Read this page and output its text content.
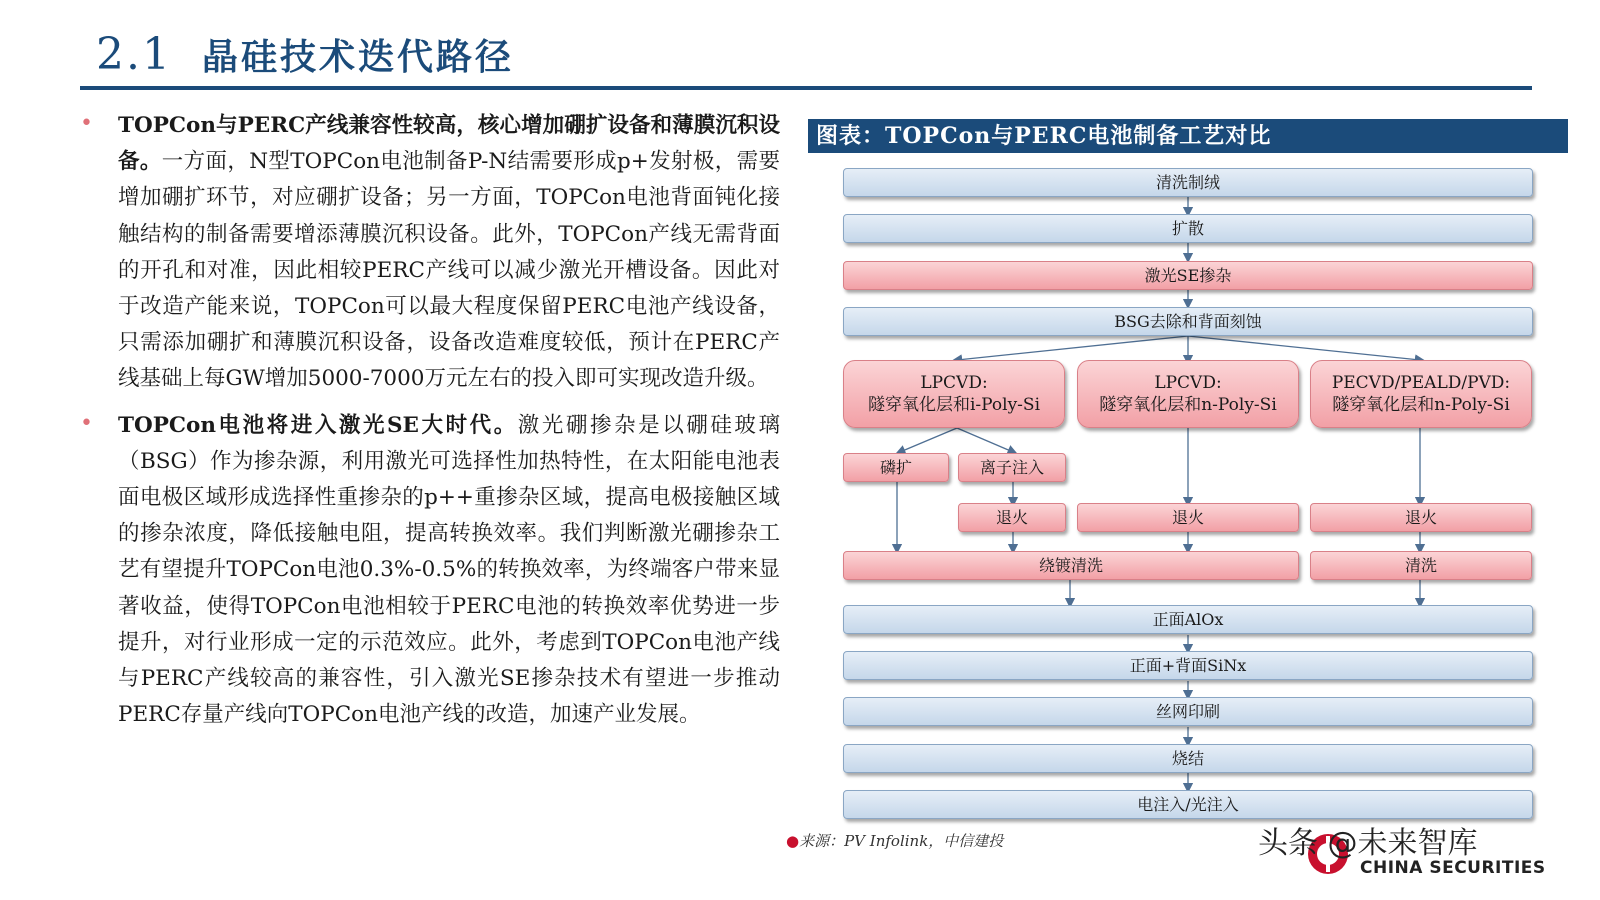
2.1 晶硅技术迭代路径
• TOPCon与PERC产线兼容性较高，核心增加硼扩设备和薄膜沉积设备。一方面，N型TOPCon电池制备P-N结需要形成p+发射极，需要增加硼扩环节，对应硼扩设备；另一方面，TOPCon电池背面钝化接触结构的制备需要增添薄膜沉积设备。此外，TOPCon产线无需背面的开孔和对准，因此相较PERC产线可以减少激光开槽设备。因此对于改造产能来说，TOPCon可以最大程度保留PERC电池产线设备，只需添加硼扩和薄膜沉积设备，设备改造难度较低，预计在PERC产线基础上每GW增加5000-7000万元左右的投入即可实现改造升级。
• TOPCon电池将进入激光SE大时代。激光硼掺杂是以硼硅玻璃（BSG）作为掺杂源，利用激光可选择性加热特性，在太阳能电池表面电极区域形成选择性重掺杂的p++重掺杂区域，提高电极接触区域的掺杂浓度，降低接触电阻，提高转换效率。我们判断激光硼掺杂工艺有望提升TOPCon电池0.3%-0.5%的转换效率，为终端客户带来显著收益，使得TOPCon电池相较于PERC电池的转换效率优势进一步提升，对行业形成一定的示范效应。此外，考虑到TOPCon电池产线与PERC产线较高的兼容性，引入激光SE掺杂技术有望进一步推动PERC存量产线向TOPCon电池产线的改造，加速产业发展。
图表：TOPCon与PERC电池制备工艺对比
清洗制绒
扩散
激光SE掺杂
BSG去除和背面刻蚀
LPCVD:
隧穿氧化层和i-Poly-Si
LPCVD:
隧穿氧化层和n-Poly-Si
PECVD/PEALD/PVD:
隧穿氧化层和n-Poly-Si
磷扩	离子注入
退火	退火	退火
绕镀清洗	清洗
正面AlOx
正面+背面SiNx
丝网印刷
烧结
电注入/光注入
●来源：PV Infolink，中信建投	头条 @未来智库
CHINA SECURITIES
